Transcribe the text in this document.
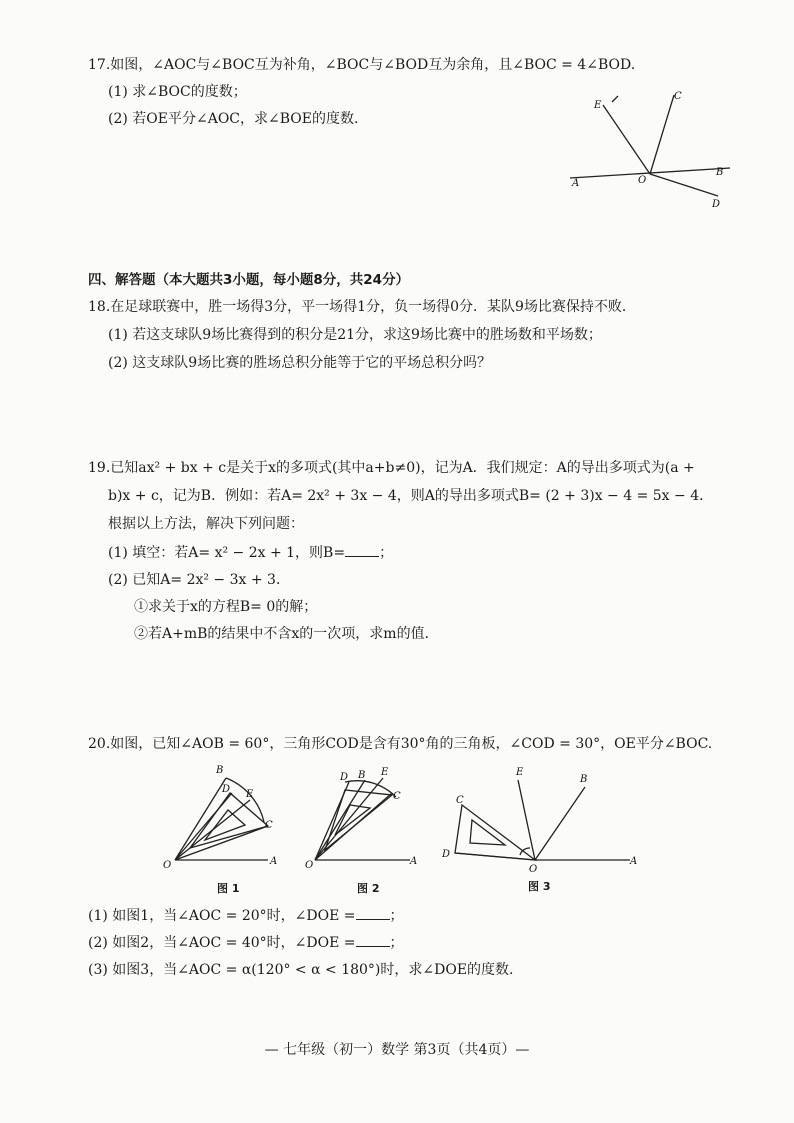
17.如图，∠AOC与∠BOC互为补角，∠BOC与∠BOD互为余角，且∠BOC = 4∠BOD.
(1) 求∠BOC的度数；
(2) 若OE平分∠AOC，求∠BOE的度数.
E
C
A	O
B
D
四、解答题（本大题共3小题，每小题8分，共24分）
18.在足球联赛中，胜一场得3分，平一场得1分，负一场得0分．某队9场比赛保持不败．
(1) 若这支球队9场比赛得到的积分是21分，求这9场比赛中的胜场数和平场数；
(2) 这支球队9场比赛的胜场总积分能等于它的平场总积分吗？
19.已知ax² + bx + c是关于x的多项式(其中a+b≠0)，记为A．我们规定：A的导出多项式为(a +
b)x + c，记为B．例如：若A= 2x² + 3x − 4，则A的导出多项式B= (2 + 3)x − 4 = 5x − 4．
根据以上方法，解决下列问题：
(1) 填空：若A= x² − 2x + 1，则B= ；
(2) 已知A= 2x² − 3x + 3．
①求关于x的方程B= 0的解；
②若A+mB的结果中不含x的一次项，求m的值．
20.如图，已知∠AOB = 60°，三角形COD是含有30°角的三角板，∠COD = 30°，OE平分∠BOC.
B
D E
C
O	A
图 1
D B E
C
O	A
图 2
C
E
B
D
O
A
图 3
(1) 如图1，当∠AOC = 20°时，∠DOE = ；
(2) 如图2，当∠AOC = 40°时，∠DOE = ；
(3) 如图3，当∠AOC = α(120° < α < 180°)时，求∠DOE的度数.
— 七年级（初一）数学 第3页（共4页）—
